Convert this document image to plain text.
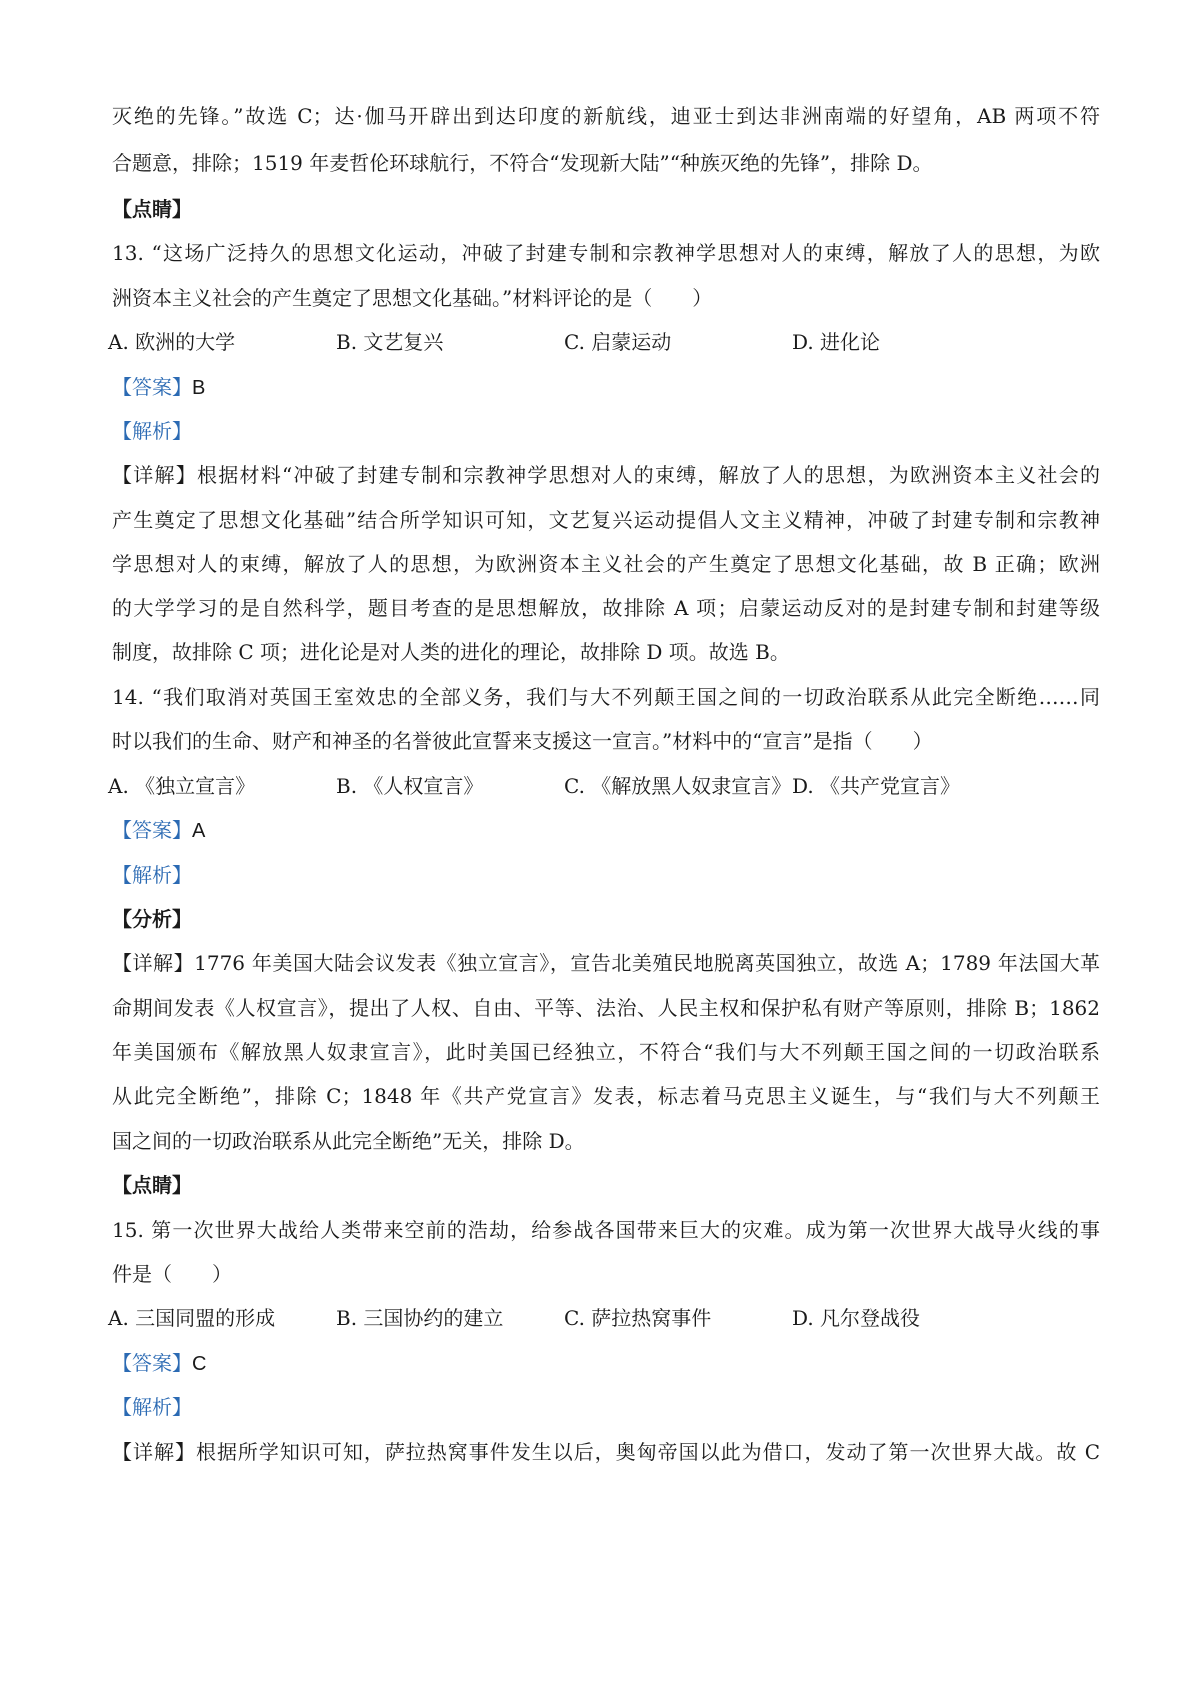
灭绝的先锋。”故选 C；达·伽马开辟出到达印度的新航线，迪亚士到达非洲南端的好望角，AB 两项不符
合题意，排除；1519 年麦哲伦环球航行，不符合“发现新大陆”“种族灭绝的先锋”，排除 D。
【点睛】
13. “这场广泛持久的思想文化运动，冲破了封建专制和宗教神学思想对人的束缚，解放了人的思想，为欧
洲资本主义社会的产生奠定了思想文化基础。”材料评论的是（　　）
A. 欧洲的大学	B. 文艺复兴	C. 启蒙运动	D. 进化论
【答案】B
【解析】
【详解】根据材料“冲破了封建专制和宗教神学思想对人的束缚，解放了人的思想，为欧洲资本主义社会的
产生奠定了思想文化基础”结合所学知识可知，文艺复兴运动提倡人文主义精神，冲破了封建专制和宗教神
学思想对人的束缚，解放了人的思想，为欧洲资本主义社会的产生奠定了思想文化基础，故 B 正确；欧洲
的大学学习的是自然科学，题目考查的是思想解放，故排除 A 项；启蒙运动反对的是封建专制和封建等级
制度，故排除 C 项；进化论是对人类的进化的理论，故排除 D 项。故选 B。
14. “我们取消对英国王室效忠的全部义务，我们与大不列颠王国之间的一切政治联系从此完全断绝……同
时以我们的生命、财产和神圣的名誉彼此宣誓来支援这一宣言。”材料中的“宣言”是指（　　）
A. 《独立宣言》	B. 《人权宣言》	C. 《解放黑人奴隶宣言》 D. 《共产党宣言》
【答案】A
【解析】
【分析】
【详解】1776 年美国大陆会议发表《独立宣言》，宣告北美殖民地脱离英国独立，故选 A；1789 年法国大革
命期间发表《人权宣言》，提出了人权、自由、平等、法治、人民主权和保护私有财产等原则，排除 B；1862
年美国颁布《解放黑人奴隶宣言》，此时美国已经独立，不符合“我们与大不列颠王国之间的一切政治联系
从此完全断绝”，排除 C；1848 年《共产党宣言》发表，标志着马克思主义诞生，与“我们与大不列颠王
国之间的一切政治联系从此完全断绝”无关，排除 D。
【点睛】
15. 第一次世界大战给人类带来空前的浩劫，给参战各国带来巨大的灾难。成为第一次世界大战导火线的事
件是（　　）
A. 三国同盟的形成	B. 三国协约的建立	C. 萨拉热窝事件	D. 凡尔登战役
【答案】C
【解析】
【详解】根据所学知识可知，萨拉热窝事件发生以后，奥匈帝国以此为借口，发动了第一次世界大战。故 C
